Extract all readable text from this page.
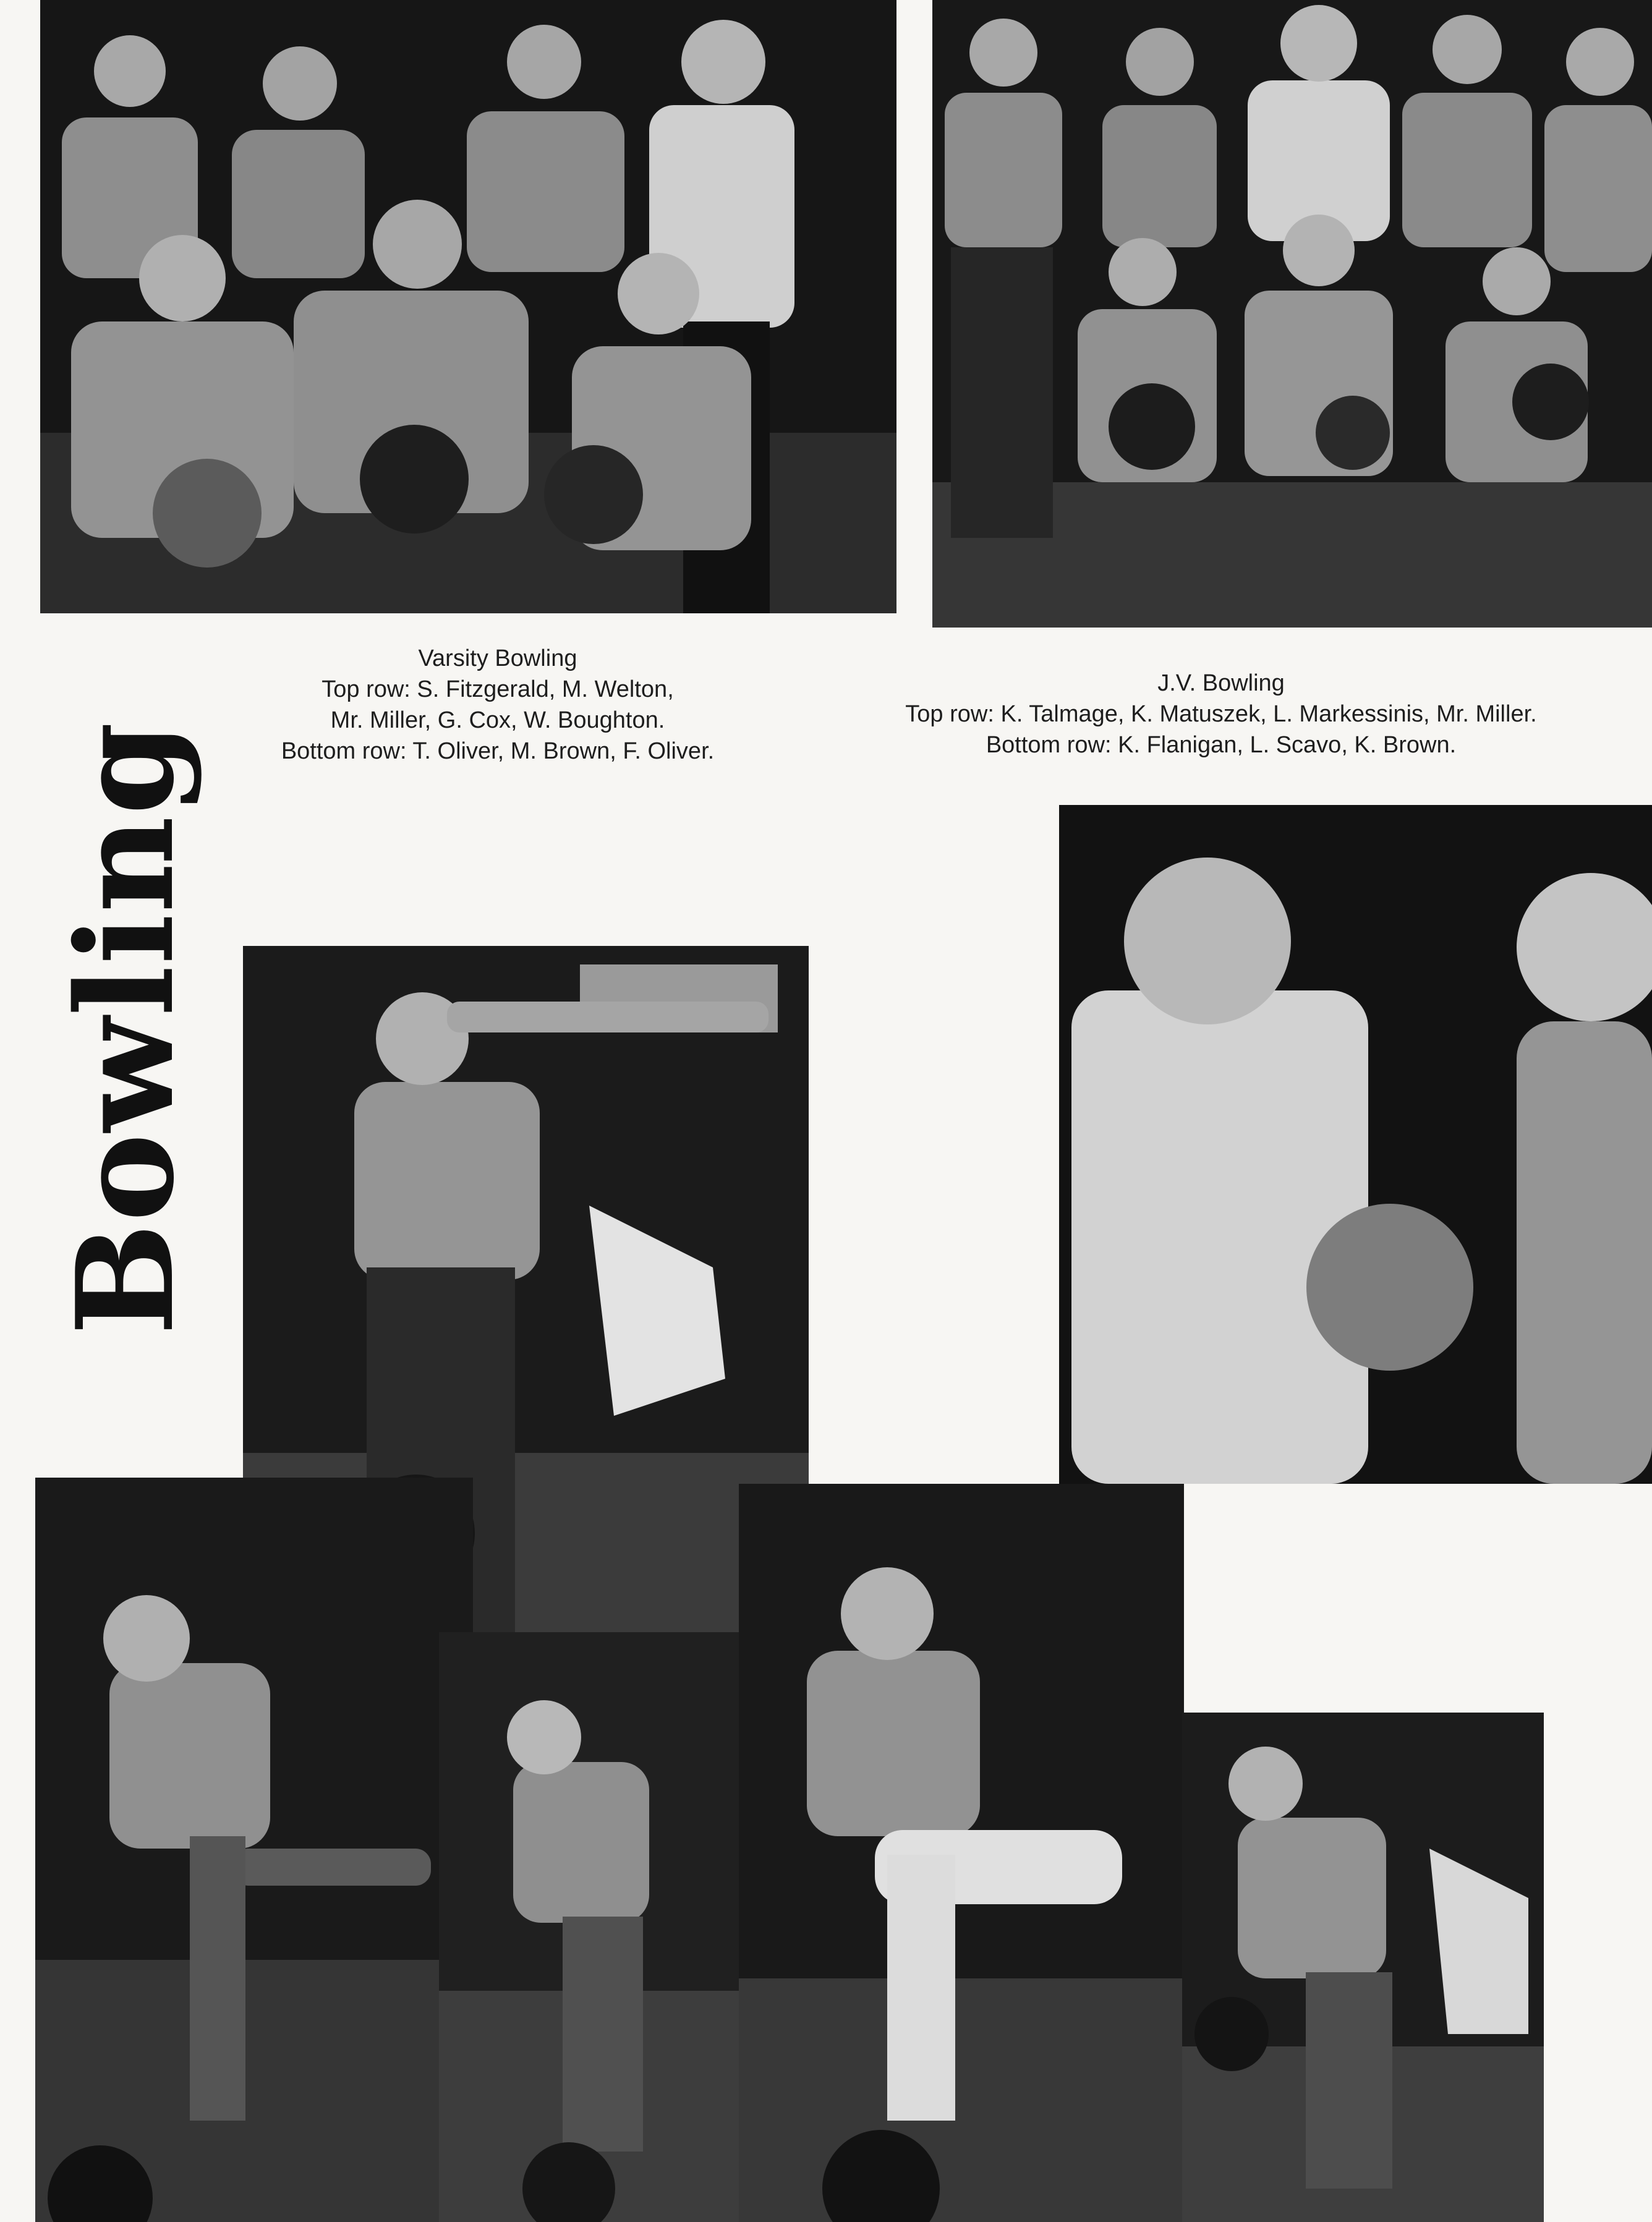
Varsity Bowling
Top row: S. Fitzgerald, M. Welton,
Mr. Miller, G. Cox, W. Boughton.
Bottom row: T. Oliver, M. Brown, F. Oliver.
J.V. Bowling
Top row: K. Talmage, K. Matuszek, L. Markessinis, Mr. Miller.
Bottom row: K. Flanigan, L. Scavo, K. Brown.
Bowling
